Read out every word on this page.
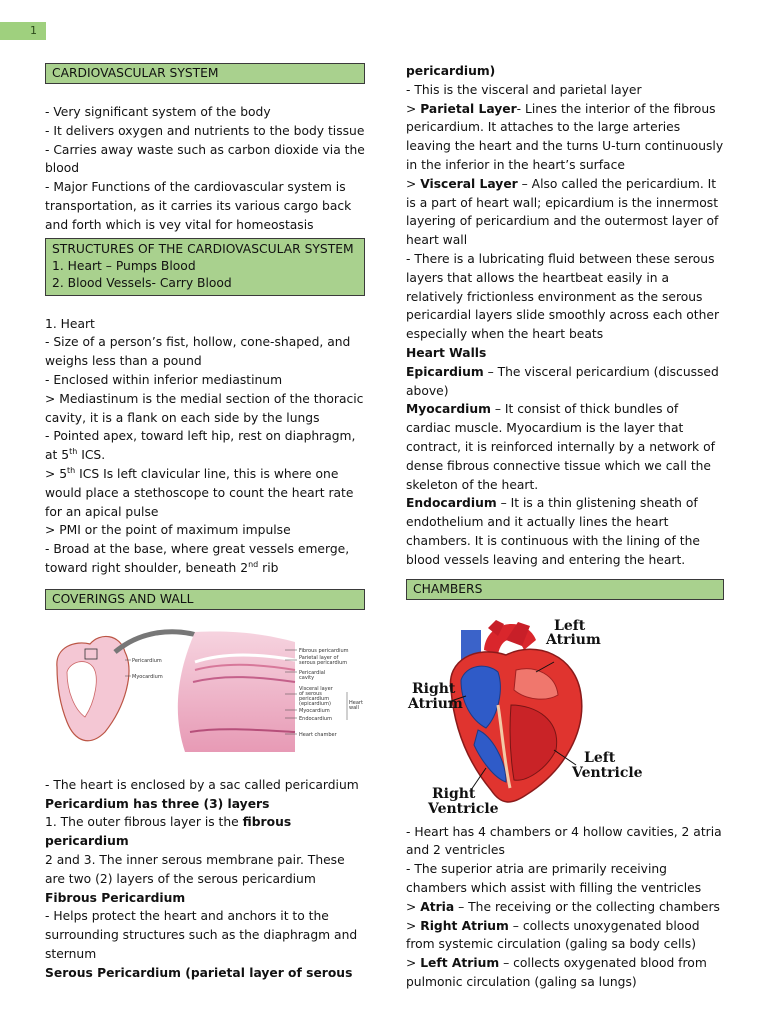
1
CARDIOVASCULAR SYSTEM

- Very significant system of the body

- It delivers oxygen and nutrients to the body tissue

- Carries away waste such as carbon dioxide via the blood

- Major Functions of the cardiovascular system is transportation, as it carries its various cargo back and forth which is vey vital for homeostasis

STRUCTURES OF THE CARDIOVASCULAR SYSTEM
1. Heart – Pumps Blood
2. Blood Vessels- Carry Blood

1. Heart

- Size of a person’s fist, hollow, cone-shaped, and weighs less than a pound

- Enclosed within inferior mediastinum

> Mediastinum is the medial section of the thoracic cavity, it is a flank on each side by the lungs

- Pointed apex, toward left hip, rest on diaphragm, at 5th ICS.

> 5th ICS Is left clavicular line, this is where one would place a stethoscope to count the heart rate for an apical pulse

> PMI or the point of maximum impulse

- Broad at the base, where great vessels emerge, toward right shoulder, beneath 2nd rib

COVERINGS AND WALL
Pericardium
Myocardium
Fibrous pericardium
Parietal layer of
serous pericardium
Pericardial
cavity
Visceral layer
of serous
pericardium
(epicardium)
Myocardium
Endocardium
Heart
wall
Heart chamber

- The heart is enclosed by a sac called pericardium

Pericardium has three (3) layers

1. The outer fibrous layer is the fibrous pericardium

2 and 3. The inner serous membrane pair. These are two (2) layers of the serous pericardium

Fibrous Pericardium

- Helps protect the heart and anchors it to the surrounding structures such as the diaphragm and sternum

Serous Pericardium (parietal layer of serous

pericardium)

- This is the visceral and parietal layer

> Parietal Layer- Lines the interior of the fibrous pericardium. It attaches to the large arteries leaving the heart and the turns U-turn continuously in the inferior in the heart’s surface

> Visceral Layer – Also called the pericardium. It is a part of heart wall; epicardium is the innermost layering of pericardium and the outermost layer of heart wall

- There is a lubricating fluid between these serous layers that allows the heartbeat easily in a relatively frictionless environment as the serous pericardial layers slide smoothly across each other especially when the heart beats

Heart Walls

Epicardium – The visceral pericardium (discussed above)

Myocardium – It consist of thick bundles of cardiac muscle. Myocardium is the layer that contract, it is reinforced internally by a network of dense fibrous connective tissue which we call the skeleton of the heart.

Endocardium – It is a thin glistening sheath of endothelium and it actually lines the heart chambers. It is continuous with the lining of the blood vessels leaving and entering the heart.

CHAMBERS
Left
Atrium
Right
Atrium
Left
Ventricle
Right
Ventricle

- Heart has 4 chambers or 4 hollow cavities, 2 atria and 2 ventricles

- The superior atria are primarily receiving chambers which assist with filling the ventricles

> Atria – The receiving or the collecting chambers

> Right Atrium – collects unoxygenated blood from systemic circulation (galing sa body cells)

> Left Atrium – collects oxygenated blood from pulmonic circulation (galing sa lungs)
